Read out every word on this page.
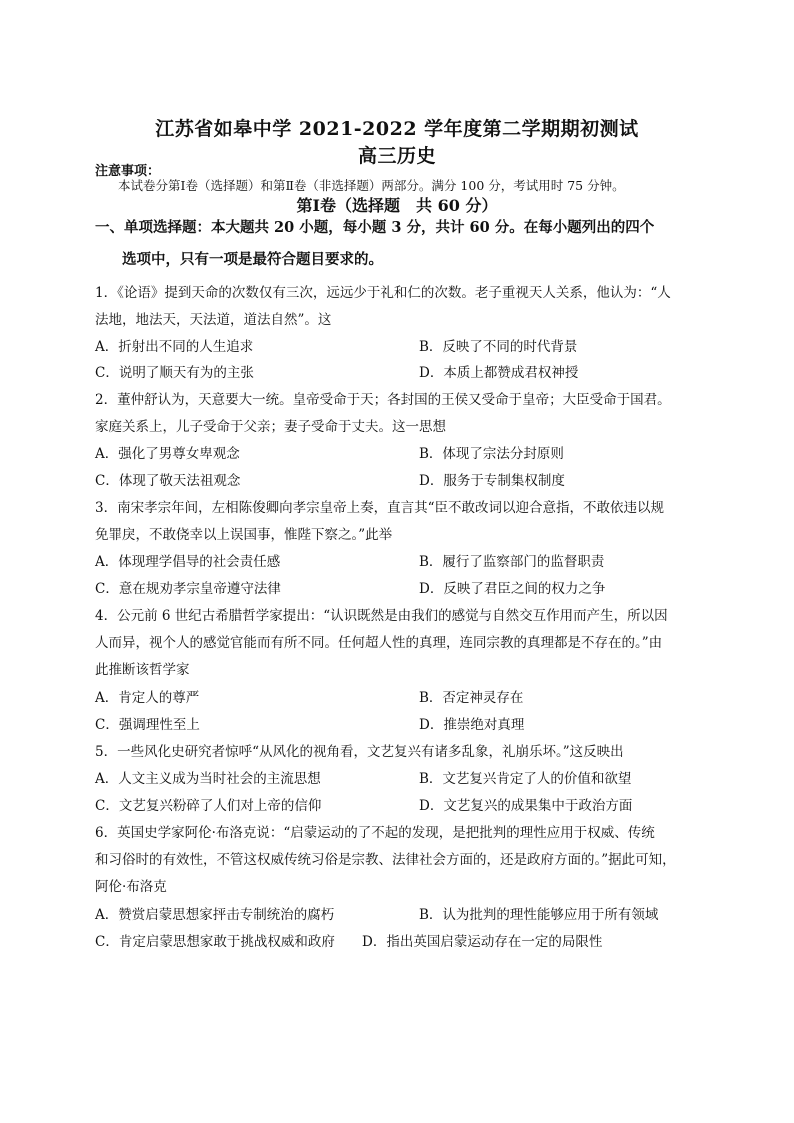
江苏省如皋中学 2021-2022 学年度第二学期期初测试
高三历史
注意事项：
本试卷分第Ⅰ卷（选择题）和第Ⅱ卷（非选择题）两部分。满分 100 分，考试用时 75 分钟。
第Ⅰ卷（选择题　共 60 分）
一、单项选择题：本大题共 20 小题，每小题 3 分，共计 60 分。在每小题列出的四个
选项中，只有一项是最符合题目要求的。
1．《论语》提到天命的次数仅有三次，远远少于礼和仁的次数。老子重视天人关系，他认为：“人
法地，地法天，天法道，道法自然”。这
A．折射出不同的人生追求	B．反映了不同的时代背景
C．说明了顺天有为的主张	D．本质上都赞成君权神授
2．董仲舒认为，天意要大一统。皇帝受命于天；各封国的王侯又受命于皇帝；大臣受命于国君。
家庭关系上，儿子受命于父亲；妻子受命于丈夫。这一思想
A．强化了男尊女卑观念	B．体现了宗法分封原则
C．体现了敬天法祖观念	D．服务于专制集权制度
3．南宋孝宗年间，左相陈俊卿向孝宗皇帝上奏，直言其“臣不敢改词以迎合意指，不敢依违以规
免罪戾，不敢侥幸以上误国事，惟陛下察之。”此举
A．体现理学倡导的社会责任感	B．履行了监察部门的监督职责
C．意在规劝孝宗皇帝遵守法律	D．反映了君臣之间的权力之争
4．公元前 6 世纪古希腊哲学家提出：“认识既然是由我们的感觉与自然交互作用而产生，所以因
人而异，视个人的感觉官能而有所不同。任何超人性的真理，连同宗教的真理都是不存在的。”由
此推断该哲学家
A．肯定人的尊严	B．否定神灵存在
C．强调理性至上	D．推崇绝对真理
5．一些风化史研究者惊呼“从风化的视角看，文艺复兴有诸多乱象，礼崩乐坏。”这反映出
A．人文主义成为当时社会的主流思想	B．文艺复兴肯定了人的价值和欲望
C．文艺复兴粉碎了人们对上帝的信仰	D．文艺复兴的成果集中于政治方面
6．英国史学家阿伦·布洛克说：“启蒙运动的了不起的发现，是把批判的理性应用于权威、传统
和习俗时的有效性，不管这权威传统习俗是宗教、法律社会方面的，还是政府方面的。”据此可知，
阿伦·布洛克
A．赞赏启蒙思想家抨击专制统治的腐朽	B．认为批判的理性能够应用于所有领域
C．肯定启蒙思想家敢于挑战权威和政府 D．指出英国启蒙运动存在一定的局限性
